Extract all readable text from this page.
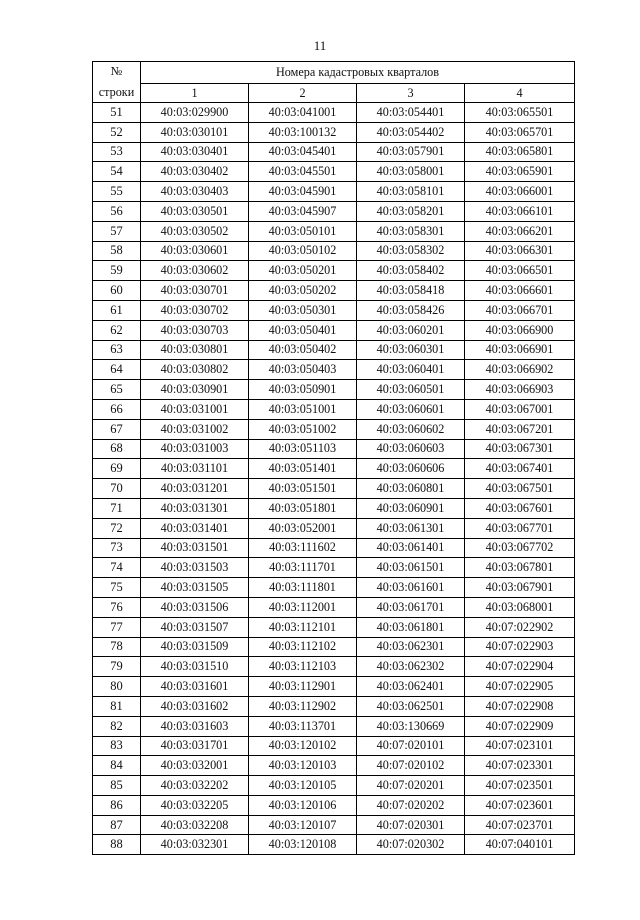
11
№
строки	Номера кадастровых кварталов			
	1	2	3	4
51	40:03:029900	40:03:041001	40:03:054401	40:03:065501
52	40:03:030101	40:03:100132	40:03:054402	40:03:065701
53	40:03:030401	40:03:045401	40:03:057901	40:03:065801
54	40:03:030402	40:03:045501	40:03:058001	40:03:065901
55	40:03:030403	40:03:045901	40:03:058101	40:03:066001
56	40:03:030501	40:03:045907	40:03:058201	40:03:066101
57	40:03:030502	40:03:050101	40:03:058301	40:03:066201
58	40:03:030601	40:03:050102	40:03:058302	40:03:066301
59	40:03:030602	40:03:050201	40:03:058402	40:03:066501
60	40:03:030701	40:03:050202	40:03:058418	40:03:066601
61	40:03:030702	40:03:050301	40:03:058426	40:03:066701
62	40:03:030703	40:03:050401	40:03:060201	40:03:066900
63	40:03:030801	40:03:050402	40:03:060301	40:03:066901
64	40:03:030802	40:03:050403	40:03:060401	40:03:066902
65	40:03:030901	40:03:050901	40:03:060501	40:03:066903
66	40:03:031001	40:03:051001	40:03:060601	40:03:067001
67	40:03:031002	40:03:051002	40:03:060602	40:03:067201
68	40:03:031003	40:03:051103	40:03:060603	40:03:067301
69	40:03:031101	40:03:051401	40:03:060606	40:03:067401
70	40:03:031201	40:03:051501	40:03:060801	40:03:067501
71	40:03:031301	40:03:051801	40:03:060901	40:03:067601
72	40:03:031401	40:03:052001	40:03:061301	40:03:067701
73	40:03:031501	40:03:111602	40:03:061401	40:03:067702
74	40:03:031503	40:03:111701	40:03:061501	40:03:067801
75	40:03:031505	40:03:111801	40:03:061601	40:03:067901
76	40:03:031506	40:03:112001	40:03:061701	40:03:068001
77	40:03:031507	40:03:112101	40:03:061801	40:07:022902
78	40:03:031509	40:03:112102	40:03:062301	40:07:022903
79	40:03:031510	40:03:112103	40:03:062302	40:07:022904
80	40:03:031601	40:03:112901	40:03:062401	40:07:022905
81	40:03:031602	40:03:112902	40:03:062501	40:07:022908
82	40:03:031603	40:03:113701	40:03:130669	40:07:022909
83	40:03:031701	40:03:120102	40:07:020101	40:07:023101
84	40:03:032001	40:03:120103	40:07:020102	40:07:023301
85	40:03:032202	40:03:120105	40:07:020201	40:07:023501
86	40:03:032205	40:03:120106	40:07:020202	40:07:023601
87	40:03:032208	40:03:120107	40:07:020301	40:07:023701
88	40:03:032301	40:03:120108	40:07:020302	40:07:040101
